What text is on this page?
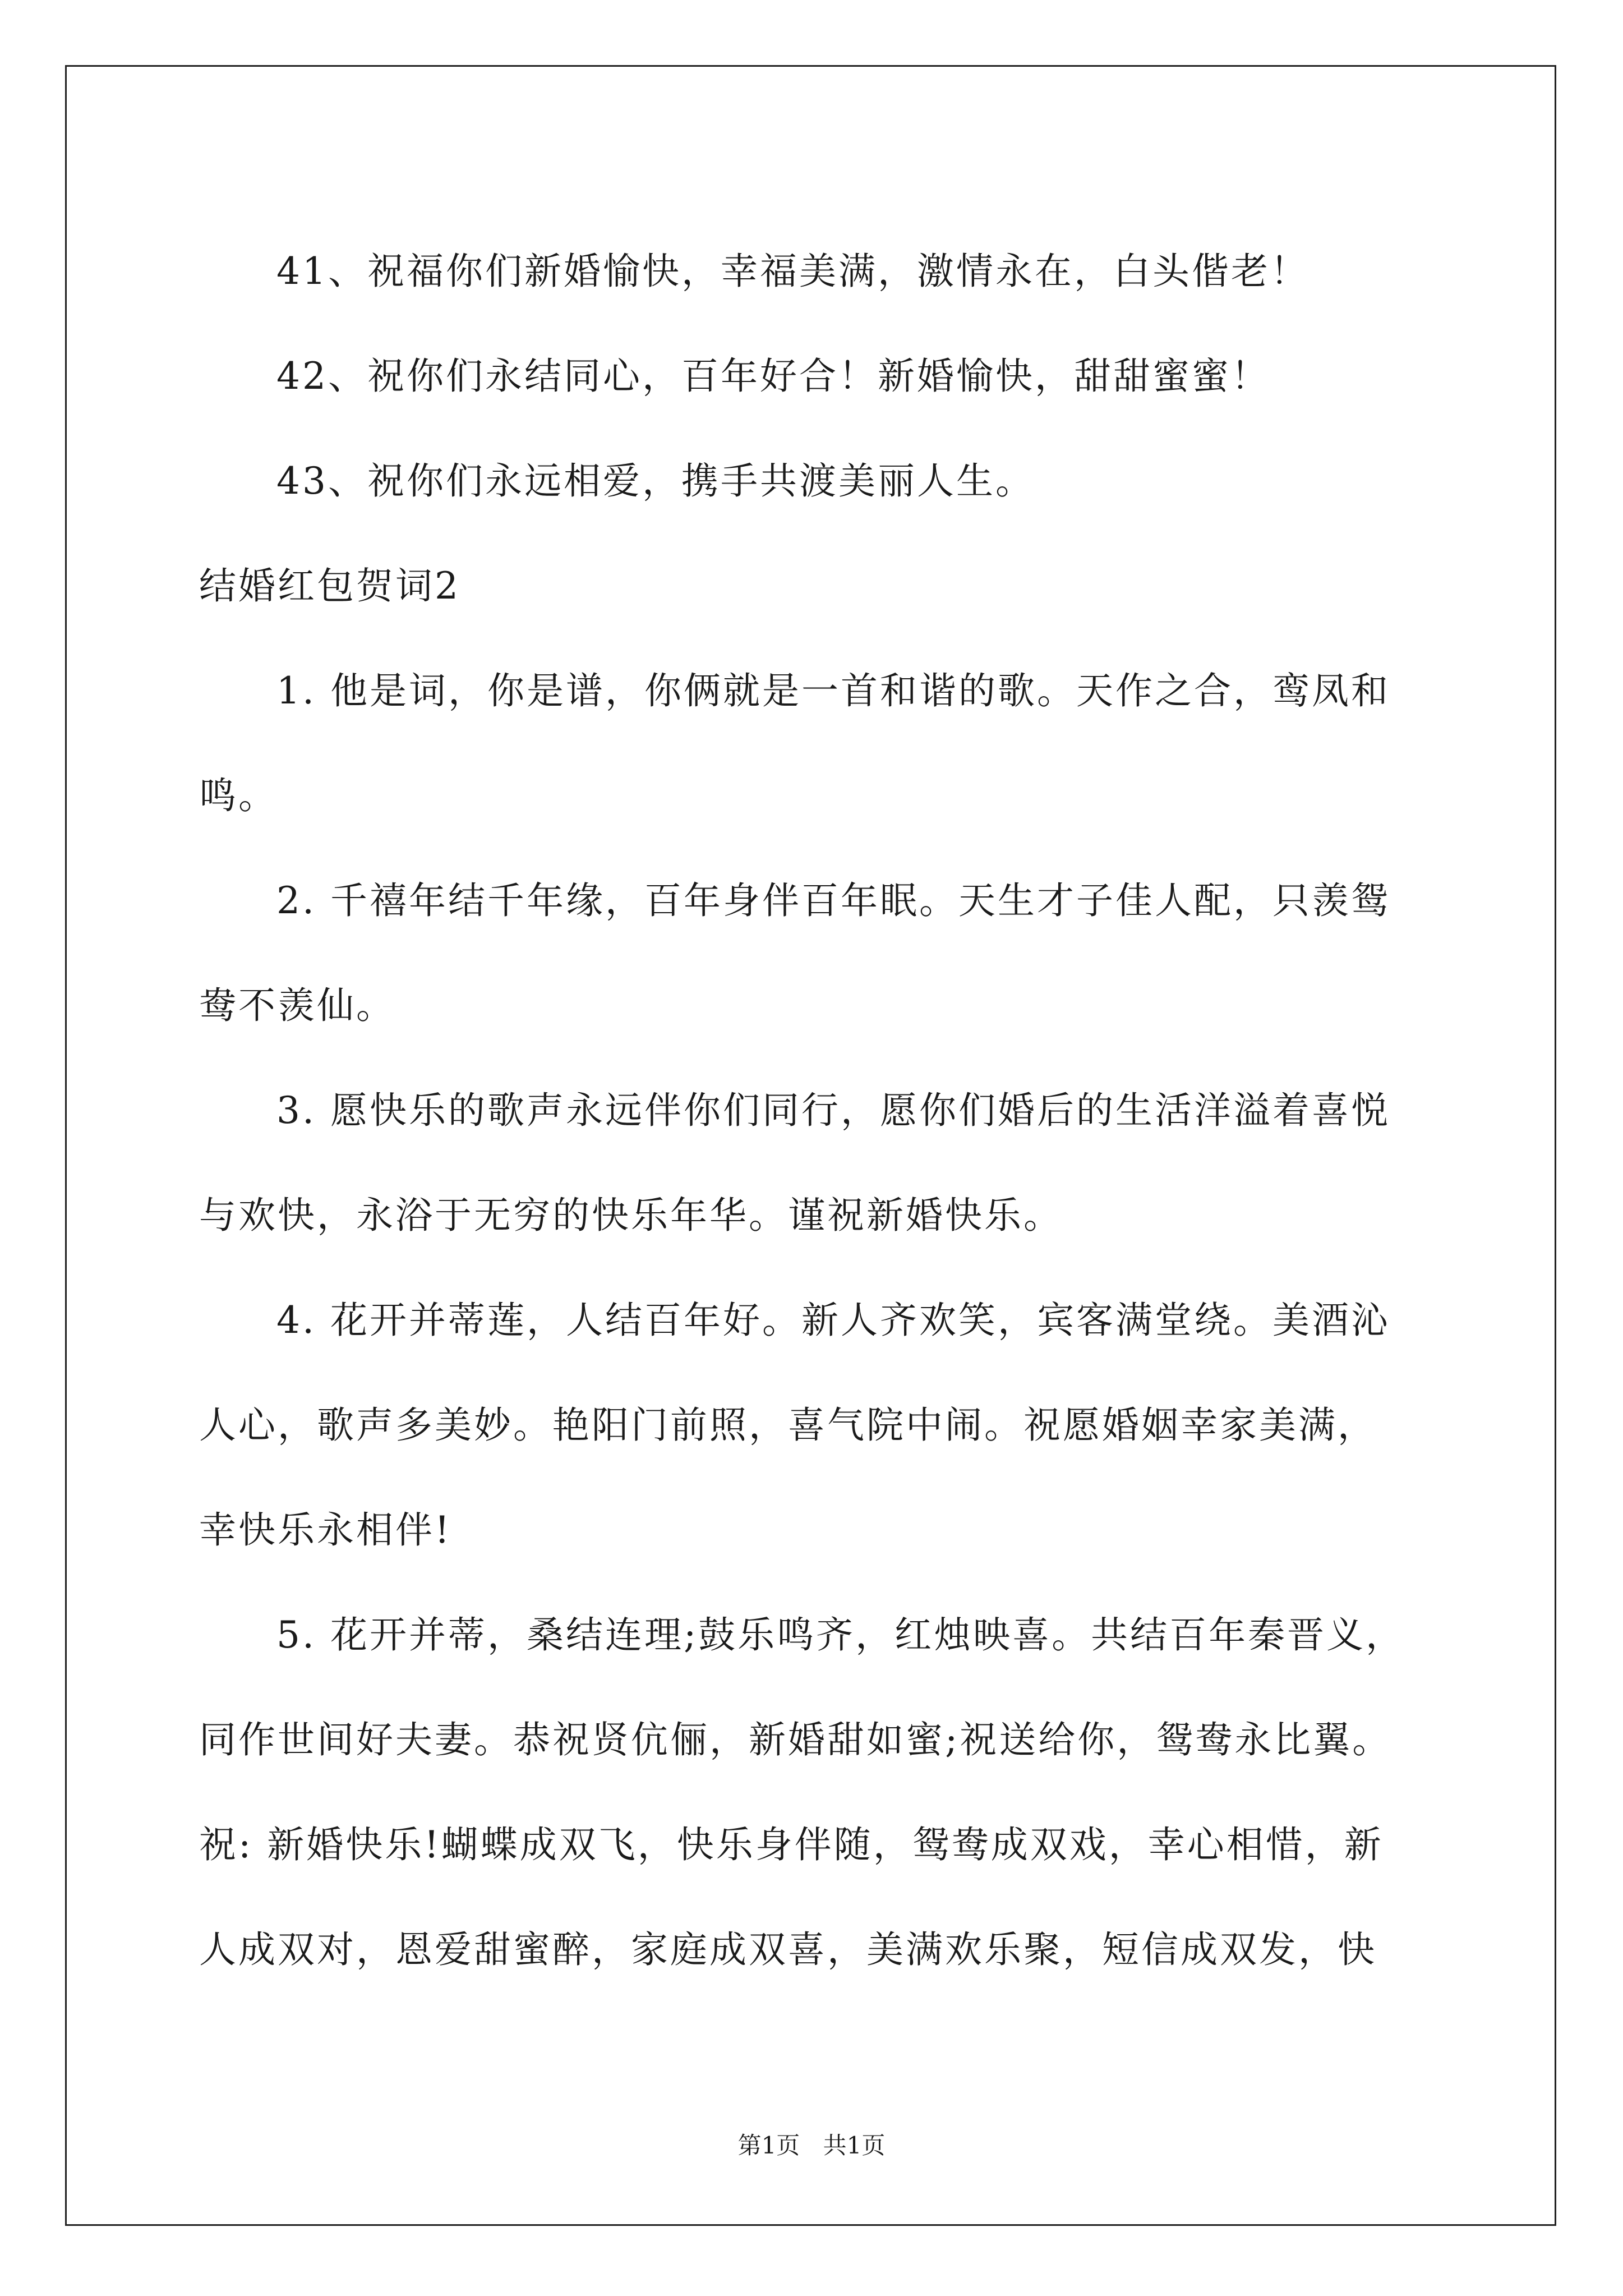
41、祝福你们新婚愉快，幸福美满，激情永在，白头偕老！

42、祝你们永结同心，百年好合！新婚愉快，甜甜蜜蜜！

43、祝你们永远相爱，携手共渡美丽人生。

结婚红包贺词2

1. 他是词，你是谱，你俩就是一首和谐的歌。天作之合，鸾凤和

鸣。

2. 千禧年结千年缘，百年身伴百年眠。天生才子佳人配，只羡鸳

鸯不羡仙。

3. 愿快乐的歌声永远伴你们同行，愿你们婚后的生活洋溢着喜悦

与欢快，永浴于无穷的快乐年华。谨祝新婚快乐。

4. 花开并蒂莲，人结百年好。新人齐欢笑，宾客满堂绕。美酒沁

人心，歌声多美妙。艳阳门前照，喜气院中闹。祝愿婚姻幸家美满，

幸快乐永相伴!

5. 花开并蒂，桑结连理;鼓乐鸣齐，红烛映喜。共结百年秦晋义，

同作世间好夫妻。恭祝贤伉俪，新婚甜如蜜;祝送给你，鸳鸯永比翼。

祝: 新婚快乐!蝴蝶成双飞，快乐身伴随，鸳鸯成双戏，幸心相惜，新

人成双对，恩爱甜蜜醉，家庭成双喜，美满欢乐聚，短信成双发，快

第1页 共1页
